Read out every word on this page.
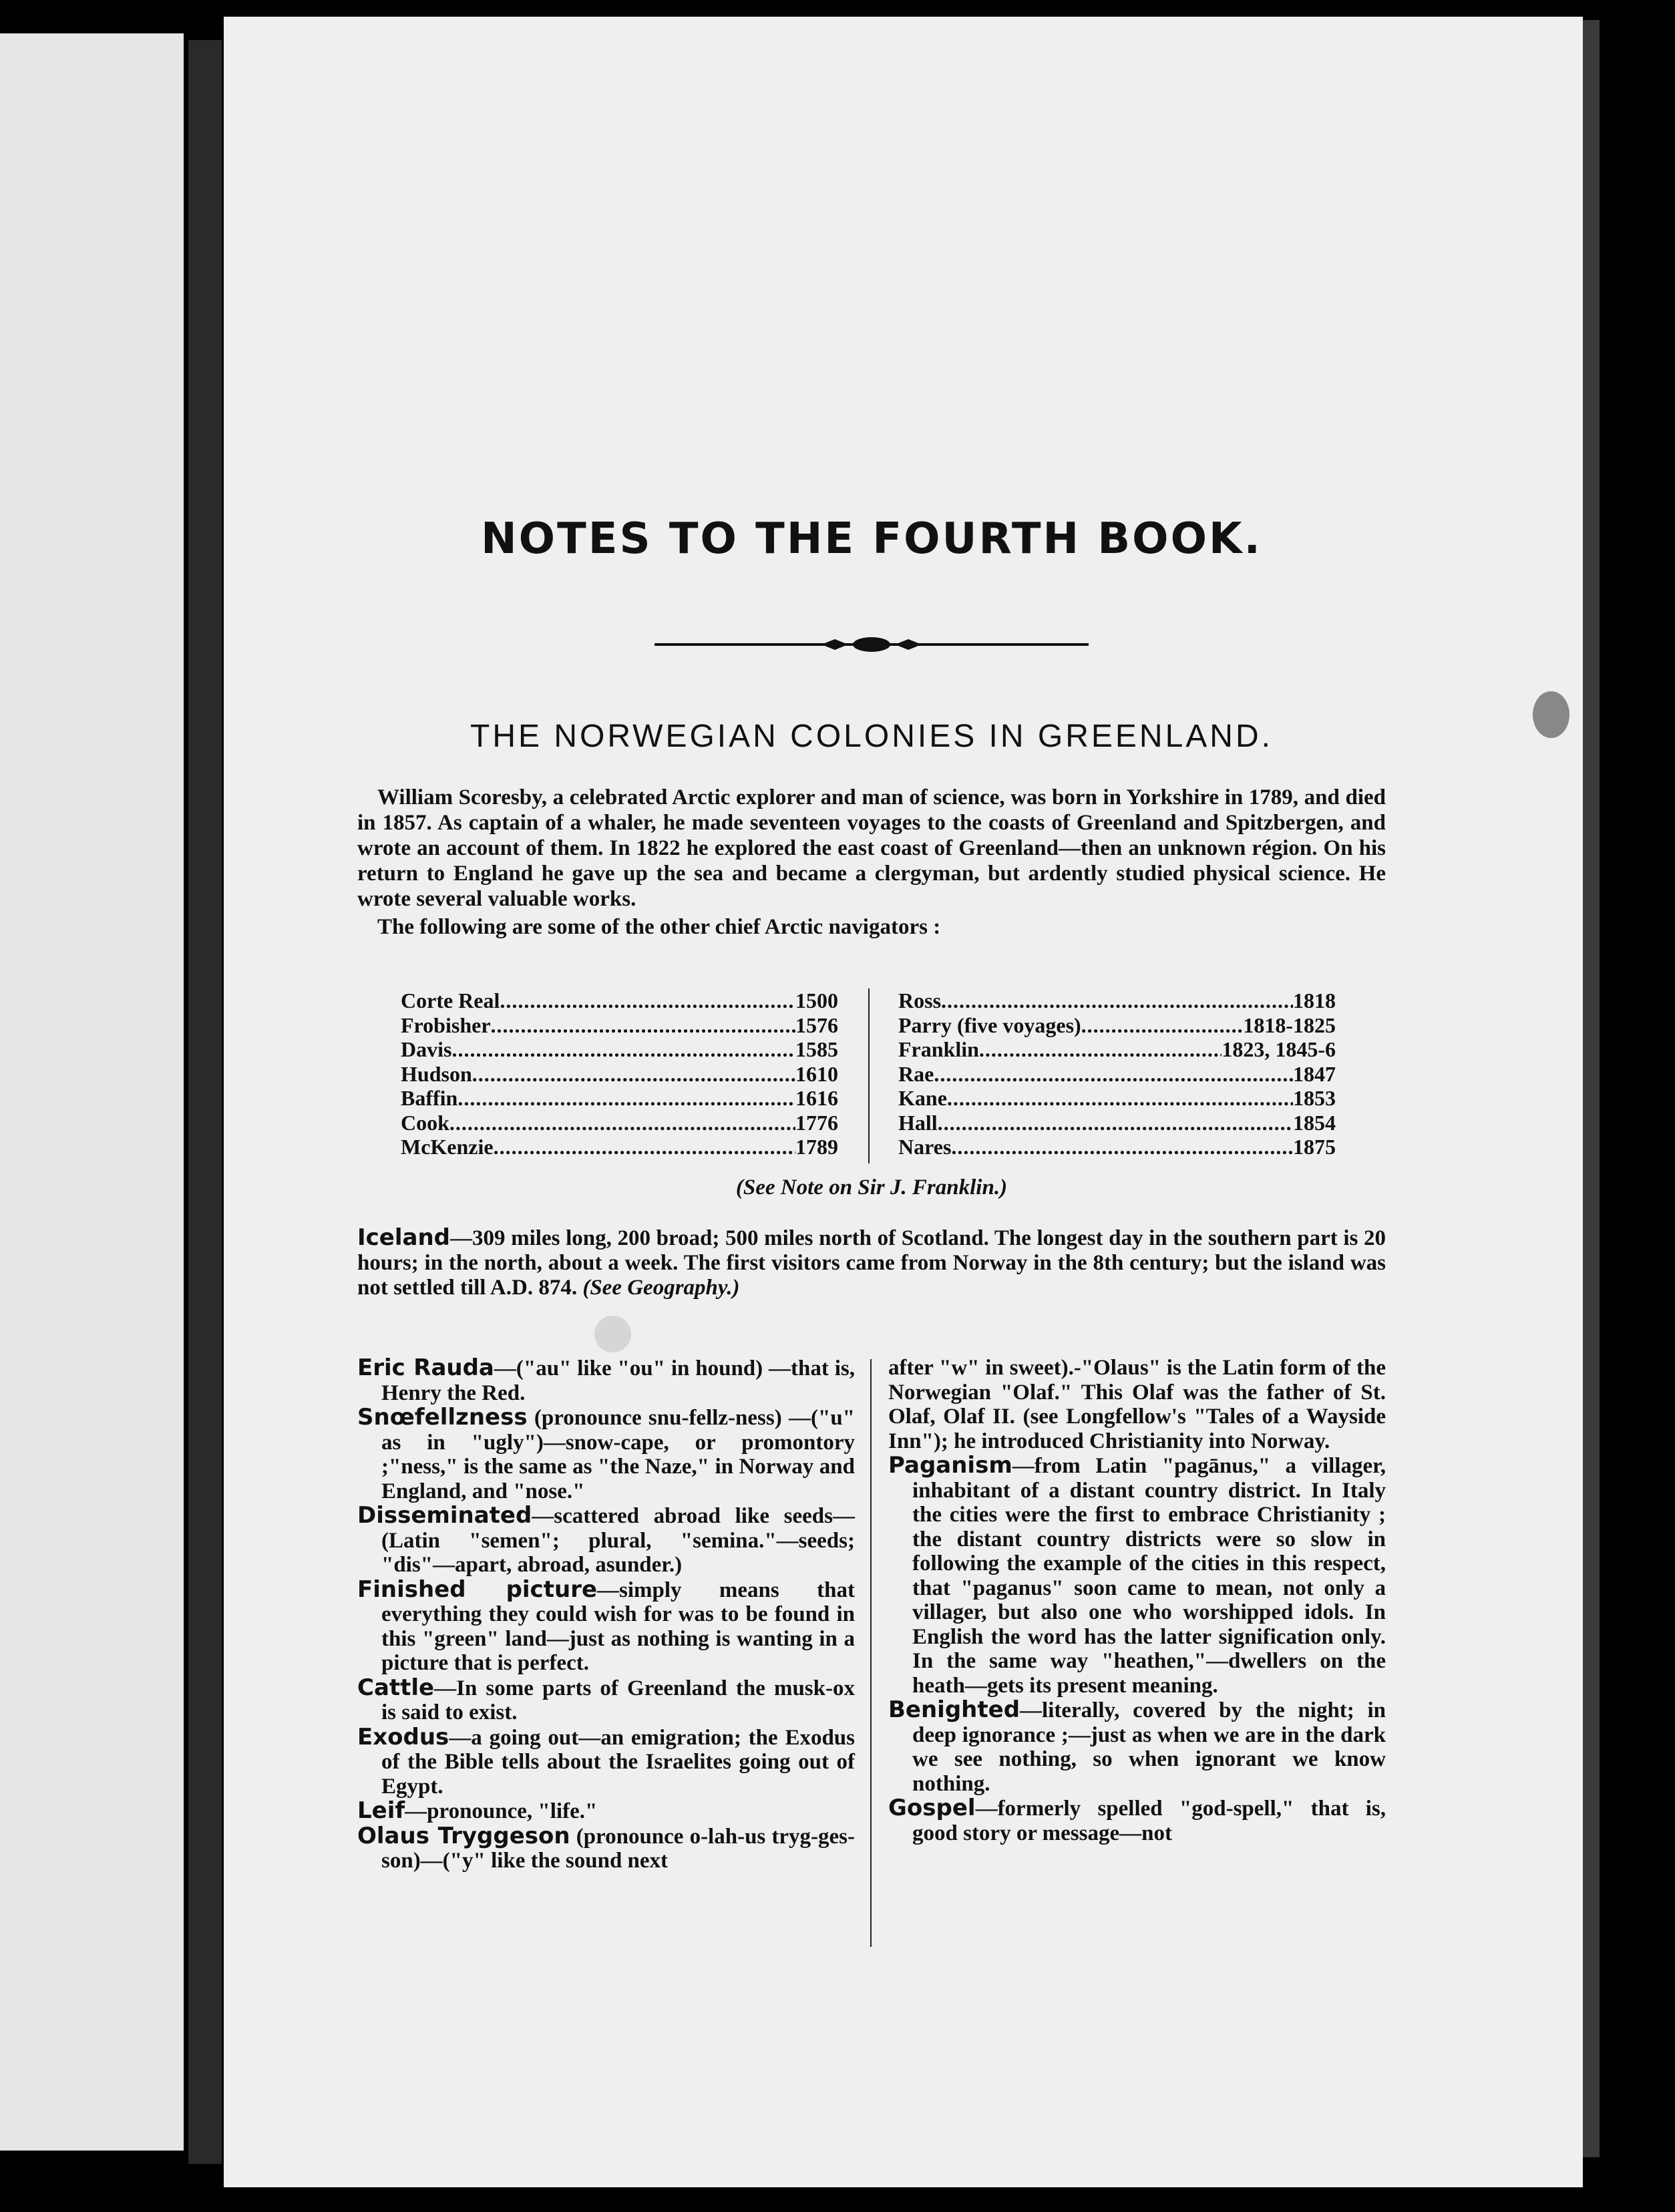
NOTES TO THE FOURTH BOOK.
THE NORWEGIAN COLONIES IN GREENLAND.

William Scoresby, a celebrated Arctic explorer and man of science, was born in Yorkshire in 1789, and died in 1857. As captain of a whaler, he made seventeen voyages to the coasts of Greenland and Spitzbergen, and wrote an account of them. In 1822 he explored the east coast of Greenland—then an unknown région. On his return to England he gave up the sea and became a clergyman, but ardently studied physical science. He wrote several valuable works.

The following are some of the other chief Arctic navigators :

Corte Real .....	1500
Frobisher .....	1576
Davis .....	1585
Hudson .....	1610
Baffin .....	1616
Cook .....	1776
McKenzie .....	1789
Ross .....	1818
Parry (five voyages) .....	1818-1825
Franklin .....	1823, 1845-6
Rae .....	1847
Kane .....	1853
Hall .....	1854
Nares .....	1875
(See Note on Sir J. Franklin.)
Iceland—309 miles long, 200 broad; 500 miles north of Scotland. The longest day in the southern part is 20 hours; in the north, about a week. The first visitors came from Norway in the 8th century; but the island was not settled till A.D. 874. (See Geography.)

Eric Rauda—("au" like "ou" in hound) —that is, Henry the Red.

Snœfellzness (pronounce snu-fellz-ness) —("u" as in "ugly")—snow-cape, or promontory ;"ness," is the same as "the Naze," in Norway and England, and "nose."

Disseminated—scattered abroad like seeds—(Latin "semen"; plural, "semina."—seeds; "dis"—apart, abroad, asunder.)

Finished picture—simply means that everything they could wish for was to be found in this "green" land—just as nothing is wanting in a picture that is perfect.

Cattle—In some parts of Greenland the musk-ox is said to exist.

Exodus—a going out—an emigration; the Exodus of the Bible tells about the Israelites going out of Egypt.

Leif—pronounce, "life."

Olaus Tryggeson (pronounce o-lah-us tryg-ges-son)—("y" like the sound next

after "w" in sweet).-"Olaus" is the Latin form of the Norwegian "Olaf." This Olaf was the father of St. Olaf, Olaf II. (see Longfellow's "Tales of a Wayside Inn"); he introduced Christianity into Norway.

Paganism—from Latin "pagānus," a villager, inhabitant of a distant country district. In Italy the cities were the first to embrace Christianity ; the distant country districts were so slow in following the example of the cities in this respect, that "paganus" soon came to mean, not only a villager, but also one who worshipped idols. In English the word has the latter signification only. In the same way "heathen,"—dwellers on the heath—gets its present meaning.

Benighted—literally, covered by the night; in deep ignorance ;—just as when we are in the dark we see nothing, so when ignorant we know nothing.

Gospel—formerly spelled "god-spell," that is, good story or message—not
